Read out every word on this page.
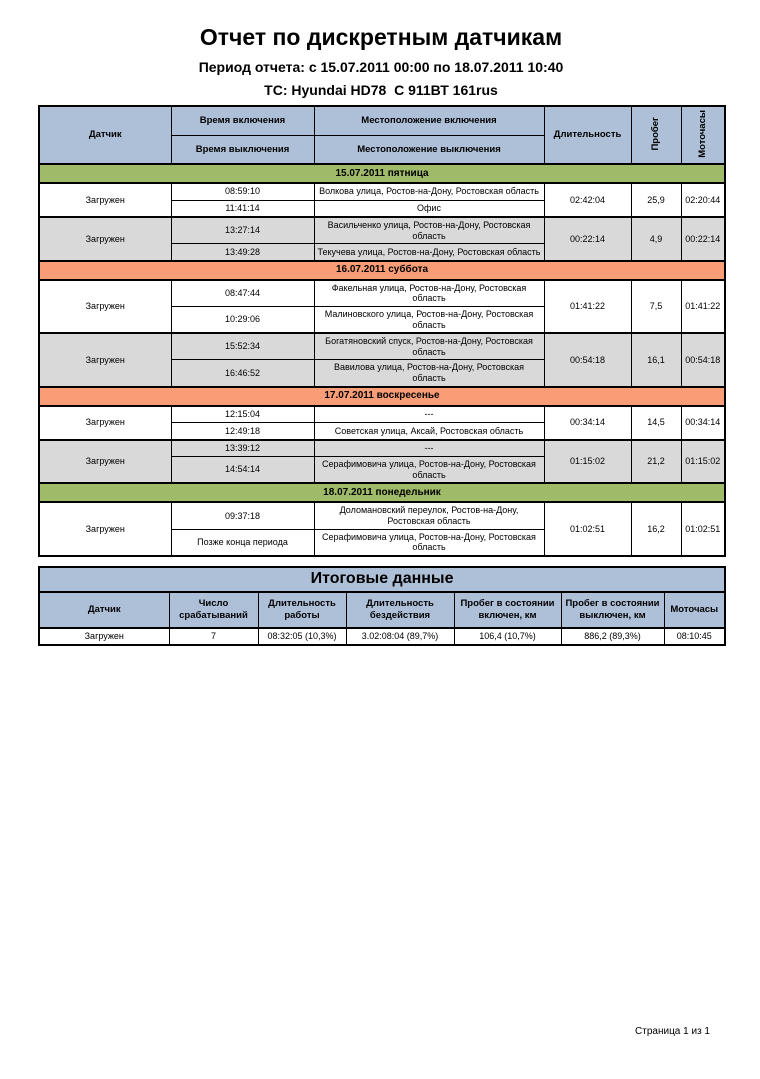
Отчет по дискретным датчикам
Период отчета: с 15.07.2011 00:00 по 18.07.2011 10:40
ТС: Hyundai HD78  С 911ВТ 161rus
Датчик	Время включения	Местоположение включения	Длительность	Пробег	Моточасы
	Время выключения	Местоположение выключения			
15.07.2011 пятница					
Загружен	08:59:10	Волкова улица, Ростов-на-Дону, Ростовская область	02:42:04	25,9	02:20:44
	11:41:14	Офис			
Загружен	13:27:14	Васильченко улица, Ростов-на-Дону, Ростовская область	00:22:14	4,9	00:22:14
	13:49:28	Текучева улица, Ростов-на-Дону, Ростовская область			
16.07.2011 суббота					
Загружен	08:47:44	Факельная улица, Ростов-на-Дону, Ростовская область	01:41:22	7,5	01:41:22
	10:29:06	Малиновского улица, Ростов-на-Дону, Ростовская область			
Загружен	15:52:34	Богатяновский спуск, Ростов-на-Дону, Ростовская область	00:54:18	16,1	00:54:18
	16:46:52	Вавилова улица, Ростов-на-Дону, Ростовская область			
17.07.2011 воскресенье					
Загружен	12:15:04	---	00:34:14	14,5	00:34:14
	12:49:18	Советская улица, Аксай, Ростовская область			
Загружен	13:39:12	---	01:15:02	21,2	01:15:02
	14:54:14	Серафимовича улица, Ростов-на-Дону, Ростовская область			
18.07.2011 понедельник					
Загружен	09:37:18	Доломановский переулок, Ростов-на-Дону, Ростовская область	01:02:51	16,2	01:02:51
	Позже конца периода	Серафимовича улица, Ростов-на-Дону, Ростовская область			
Итоговые данные						
Датчик	Число срабатываний	Длительность работы	Длительность бездействия	Пробег в состоянии включен, км	Пробег в состоянии выключен, км	Моточасы
Загружен	7	08:32:05 (10,3%)	3.02:08:04 (89,7%)	106,4 (10,7%)	886,2 (89,3%)	08:10:45
Страница 1 из 1
